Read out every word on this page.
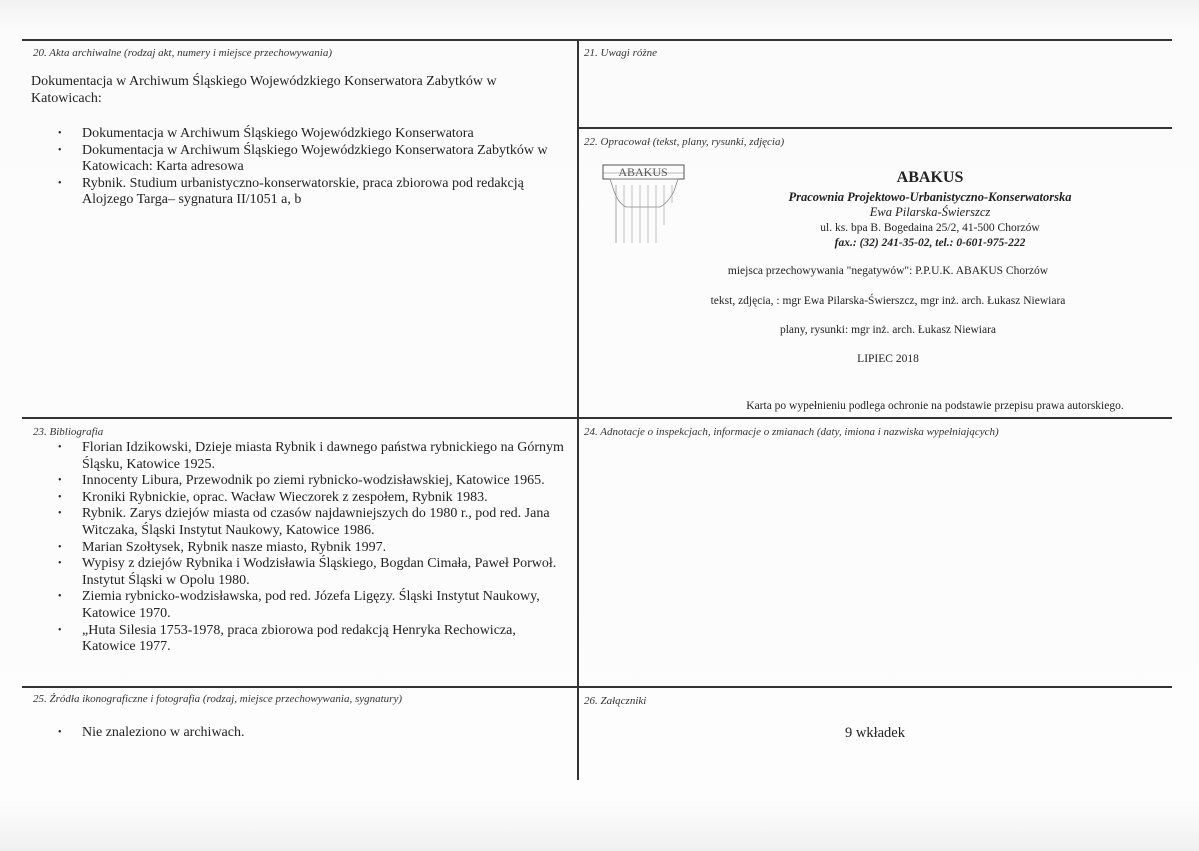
20. Akta archiwalne (rodzaj akt, numery i miejsce przechowywania)
Dokumentacja w Archiwum Śląskiego Wojewódzkiego Konserwatora Zabytków w Katowicach:
• Dokumentacja w Archiwum Śląskiego Wojewódzkiego Konserwatora
• Dokumentacja w Archiwum Śląskiego Wojewódzkiego Konserwatora Zabytków w Katowicach: Karta adresowa
• Rybnik. Studium urbanistyczno-konserwatorskie, praca zbiorowa pod redakcją Alojzego Targa– sygnatura II/1051 a, b
21. Uwagi różne
22. Opracował (tekst, plany, rysunki, zdjęcia)
ABAKUS	ABAKUS
Pracownia Projektowo-Urbanistyczno-Konserwatorska
Ewa Pilarska-Świerszcz
ul. ks. bpa B. Bogedaina 25/2, 41-500 Chorzów
fax.: (32) 241-35-02, tel.: 0-601-975-222
miejsca przechowywania "negatywów": P.P.U.K. ABAKUS Chorzów
tekst, zdjęcia, : mgr Ewa Pilarska-Świerszcz, mgr inż. arch. Łukasz Niewiara
plany, rysunki: mgr inż. arch. Łukasz Niewiara
LIPIEC 2018
Karta po wypełnieniu podlega ochronie na podstawie przepisu prawa autorskiego.
23. Bibliografia
• Florian Idzikowski, Dzieje miasta Rybnik i dawnego państwa rybnickiego na Górnym Śląsku, Katowice 1925.
• Innocenty Libura, Przewodnik po ziemi rybnicko-wodzisławskiej, Katowice 1965.
• Kroniki Rybnickie, oprac. Wacław Wieczorek z zespołem, Rybnik 1983.
• Rybnik. Zarys dziejów miasta od czasów najdawniejszych do 1980 r., pod red. Jana Witczaka, Śląski Instytut Naukowy, Katowice 1986.
• Marian Szołtysek, Rybnik nasze miasto, Rybnik 1997.
• Wypisy z dziejów Rybnika i Wodzisławia Śląskiego, Bogdan Cimała, Paweł Porwoł. Instytut Śląski w Opolu 1980.
• Ziemia rybnicko-wodzisławska, pod red. Józefa Ligęzy. Śląski Instytut Naukowy, Katowice 1970.
• „Huta Silesia 1753-1978, praca zbiorowa pod redakcją Henryka Rechowicza, Katowice 1977.
24. Adnotacje o inspekcjach, informacje o zmianach (daty, imiona i nazwiska wypełniających)
25. Źródła ikonograficzne i fotografia (rodzaj, miejsce przechowywania, sygnatury)
• Nie znaleziono w archiwach.
26. Załączniki
9 wkładek
